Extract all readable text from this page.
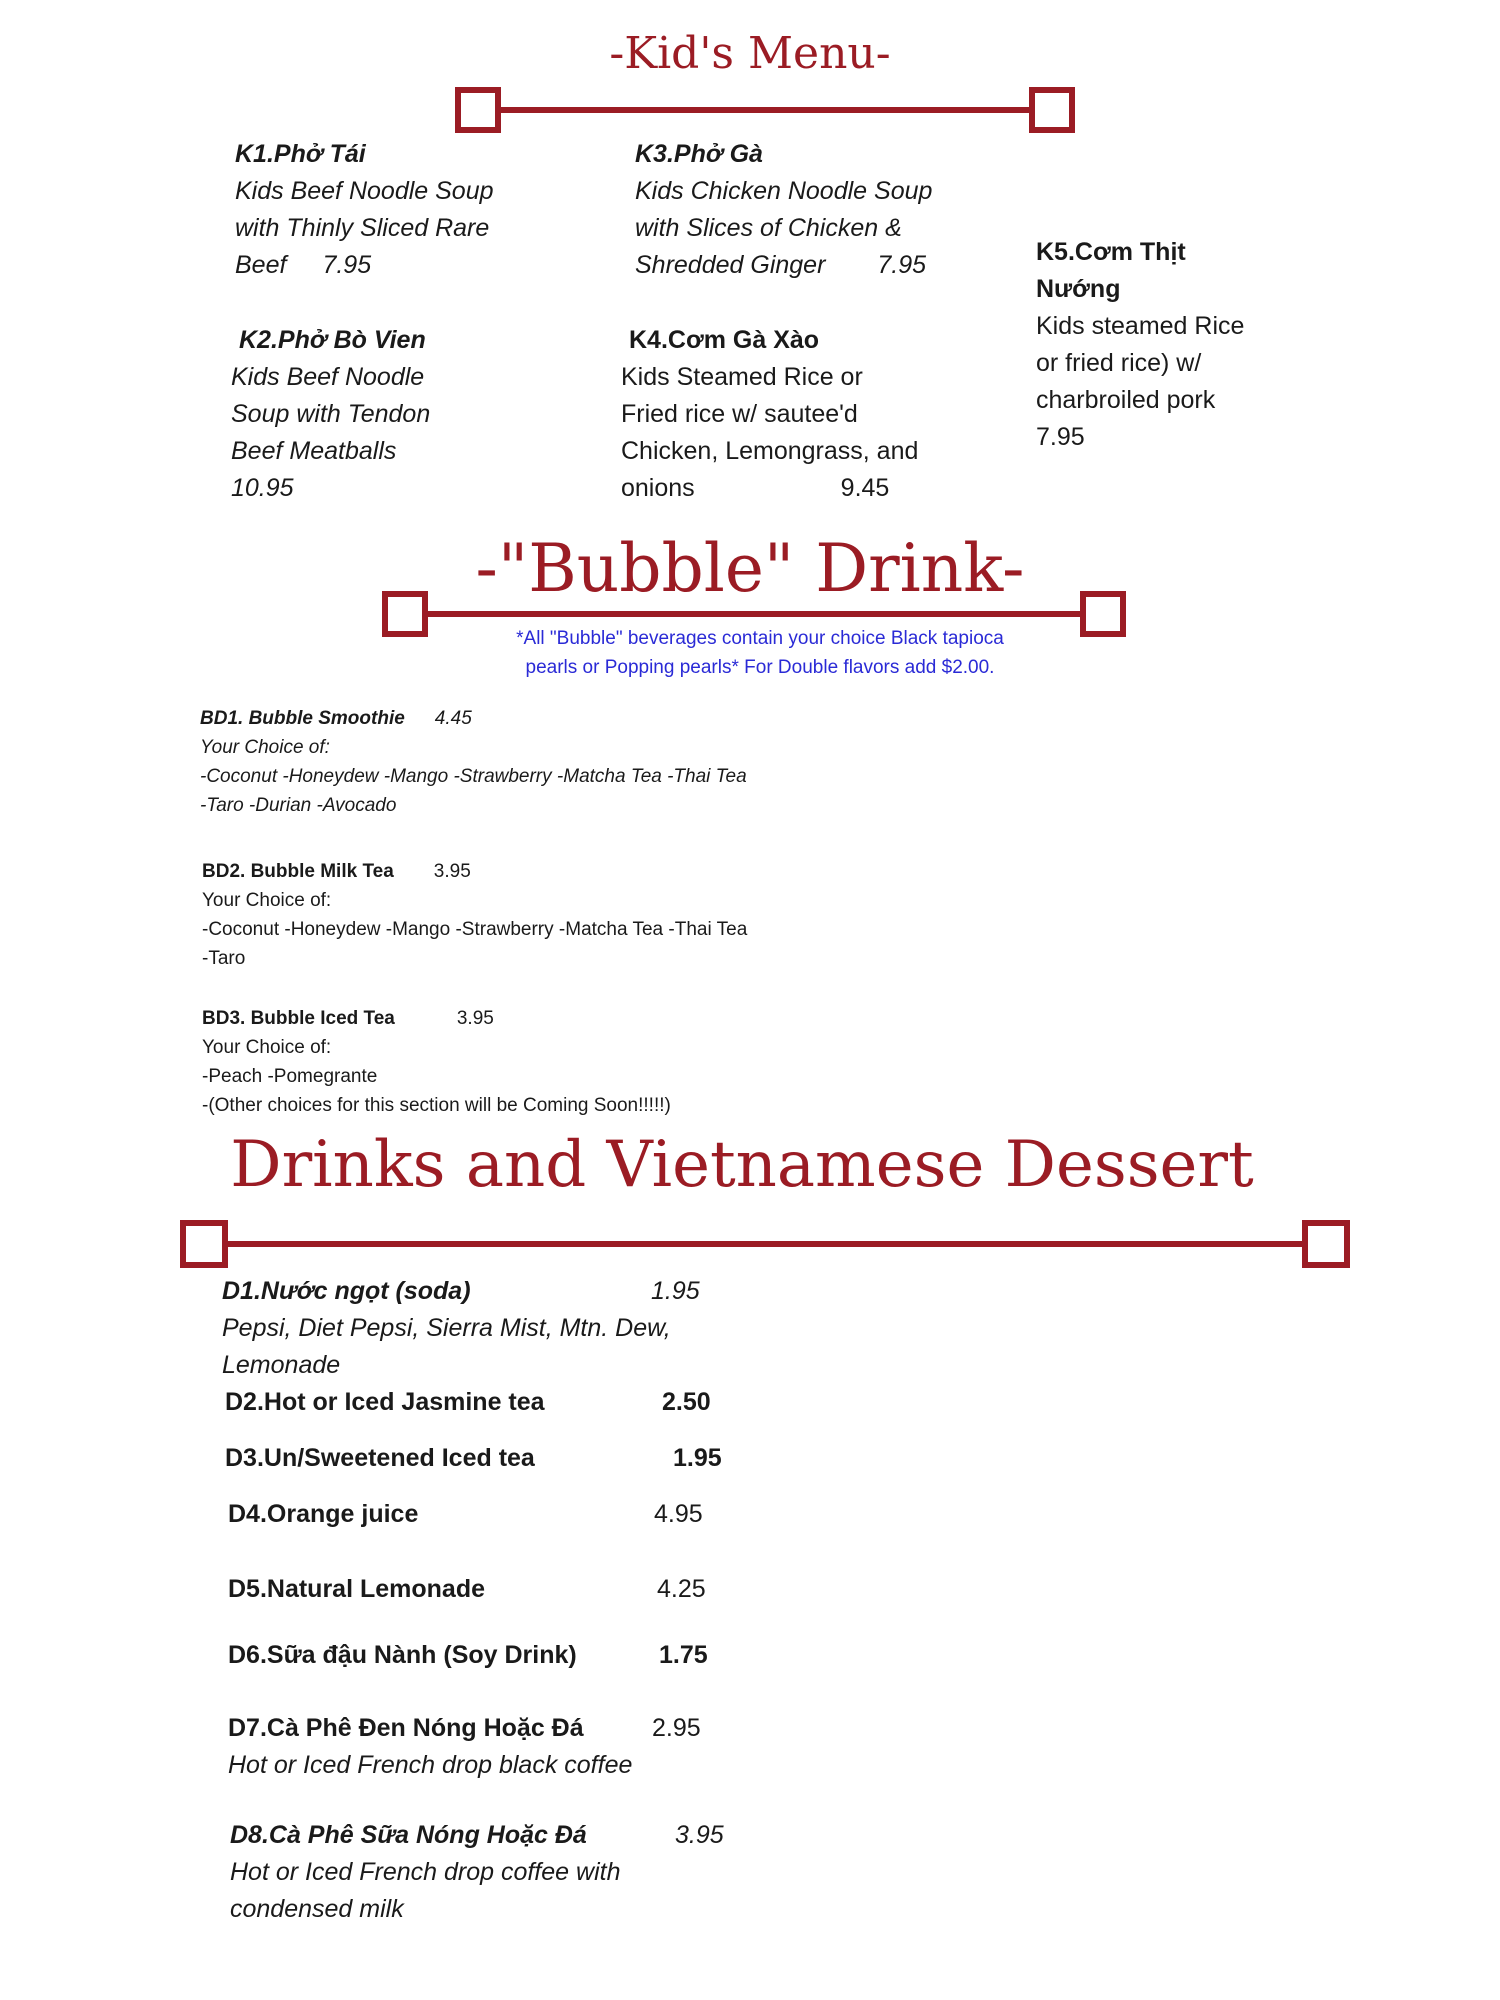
-Kid's Menu-
K1.Phở Tái
Kids Beef Noodle Soup
with Thinly Sliced Rare
Beef 7.95
K2.Phở Bò Vien
Kids Beef Noodle
Soup with Tendon
Beef Meatballs
10.95
K3.Phở Gà
Kids Chicken Noodle Soup
with Slices of Chicken &
Shredded Ginger 7.95
K4.Cơm Gà Xào
Kids Steamed Rice or
Fried rice w/ sautee'd
Chicken, Lemongrass, and
onions	9.45
K5.Cơm Thịt
Nướng
Kids steamed Rice
or fried rice) w/
charbroiled pork
7.95
-"Bubble" Drink-
*All "Bubble" beverages contain your choice Black tapioca
pearls or Popping pearls* For Double flavors add $2.00.
BD1. Bubble Smoothie 4.45
Your Choice of:
-Coconut -Honeydew -Mango -Strawberry -Matcha Tea -Thai Tea
-Taro -Durian -Avocado
BD2. Bubble Milk Tea 3.95
Your Choice of:
-Coconut -Honeydew -Mango -Strawberry -Matcha Tea -Thai Tea
-Taro
BD3. Bubble Iced Tea	3.95
Your Choice of:
-Peach -Pomegrante
-(Other choices for this section will be Coming Soon!!!!!)
Drinks and Vietnamese Dessert
D1.Nước ngọt (soda)	1.95
Pepsi, Diet Pepsi, Sierra Mist, Mtn. Dew,
Lemonade
D2.Hot or Iced Jasmine tea	2.50
D3.Un/Sweetened Iced tea	1.95
D4.Orange juice	4.95
D5.Natural Lemonade	4.25
D6.Sữa đậu Nành (Soy Drink)	1.75
D7.Cà Phê Đen Nóng Hoặc Đá	2.95
Hot or Iced French drop black coffee
D8.Cà Phê Sữa Nóng Hoặc Đá	3.95
Hot or Iced French drop coffee with
condensed milk
